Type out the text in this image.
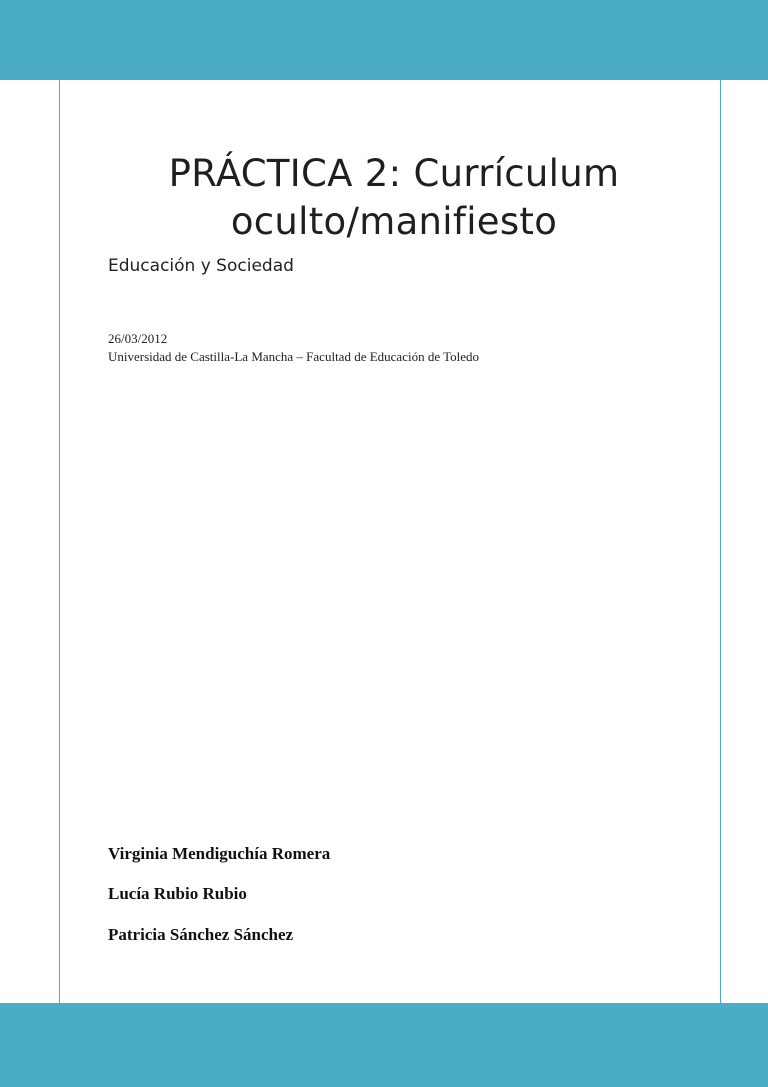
PRÁCTICA 2: Currículum
oculto/manifiesto
Educación y Sociedad
26/03/2012
Universidad de Castilla-La Mancha – Facultad de Educación de Toledo
Virginia Mendiguchía Romera
Lucía Rubio Rubio
Patricia Sánchez Sánchez
